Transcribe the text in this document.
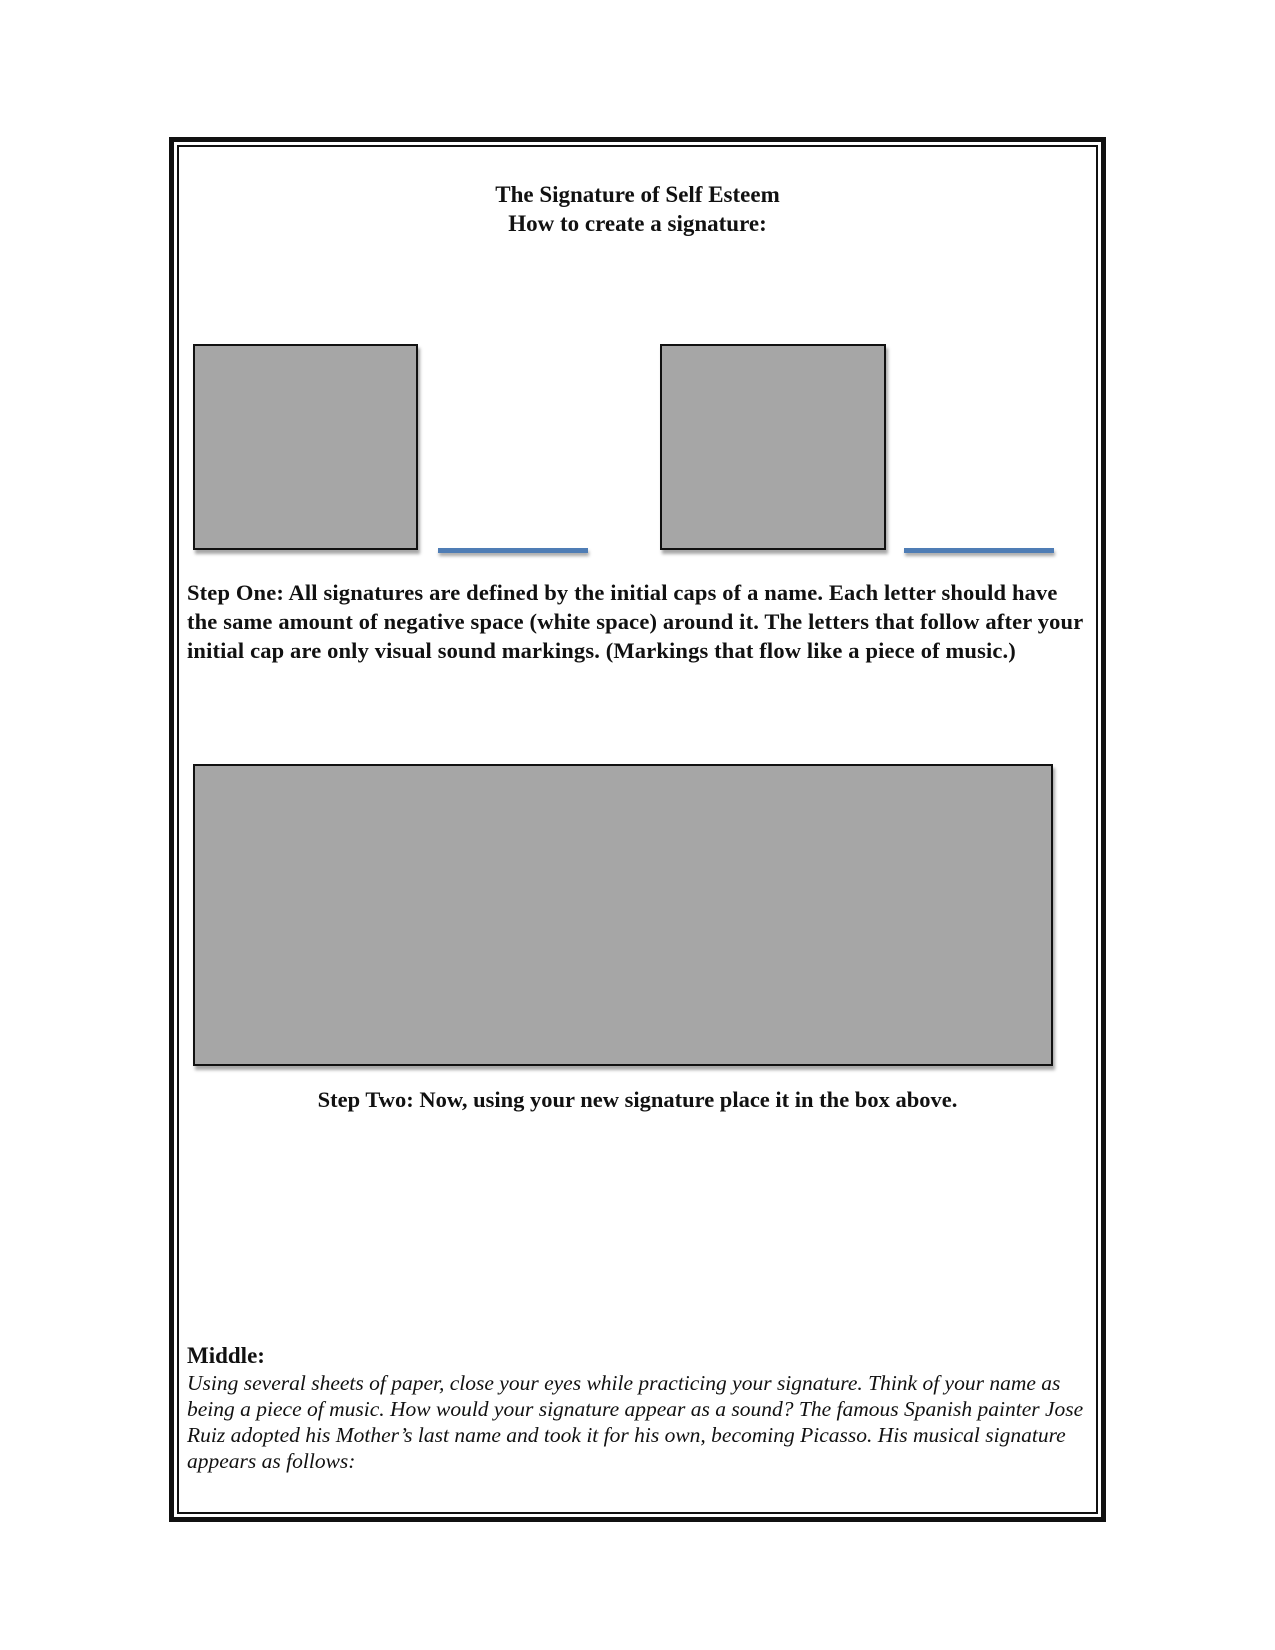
The Signature of Self Esteem
How to create a signature:
Step One: All signatures are defined by the initial caps of a name. Each letter should have the same amount of negative space (white space) around it. The letters that follow after your initial cap are only visual sound markings. (Markings that flow like a piece of music.)
Step Two: Now, using your new signature place it in the box above.
Middle:
Using several sheets of paper, close your eyes while practicing your signature. Think of your name as being a piece of music. How would your signature appear as a sound? The famous Spanish painter Jose Ruiz adopted his Mother’s last name and took it for his own, becoming Picasso. His musical signature appears as follows:
